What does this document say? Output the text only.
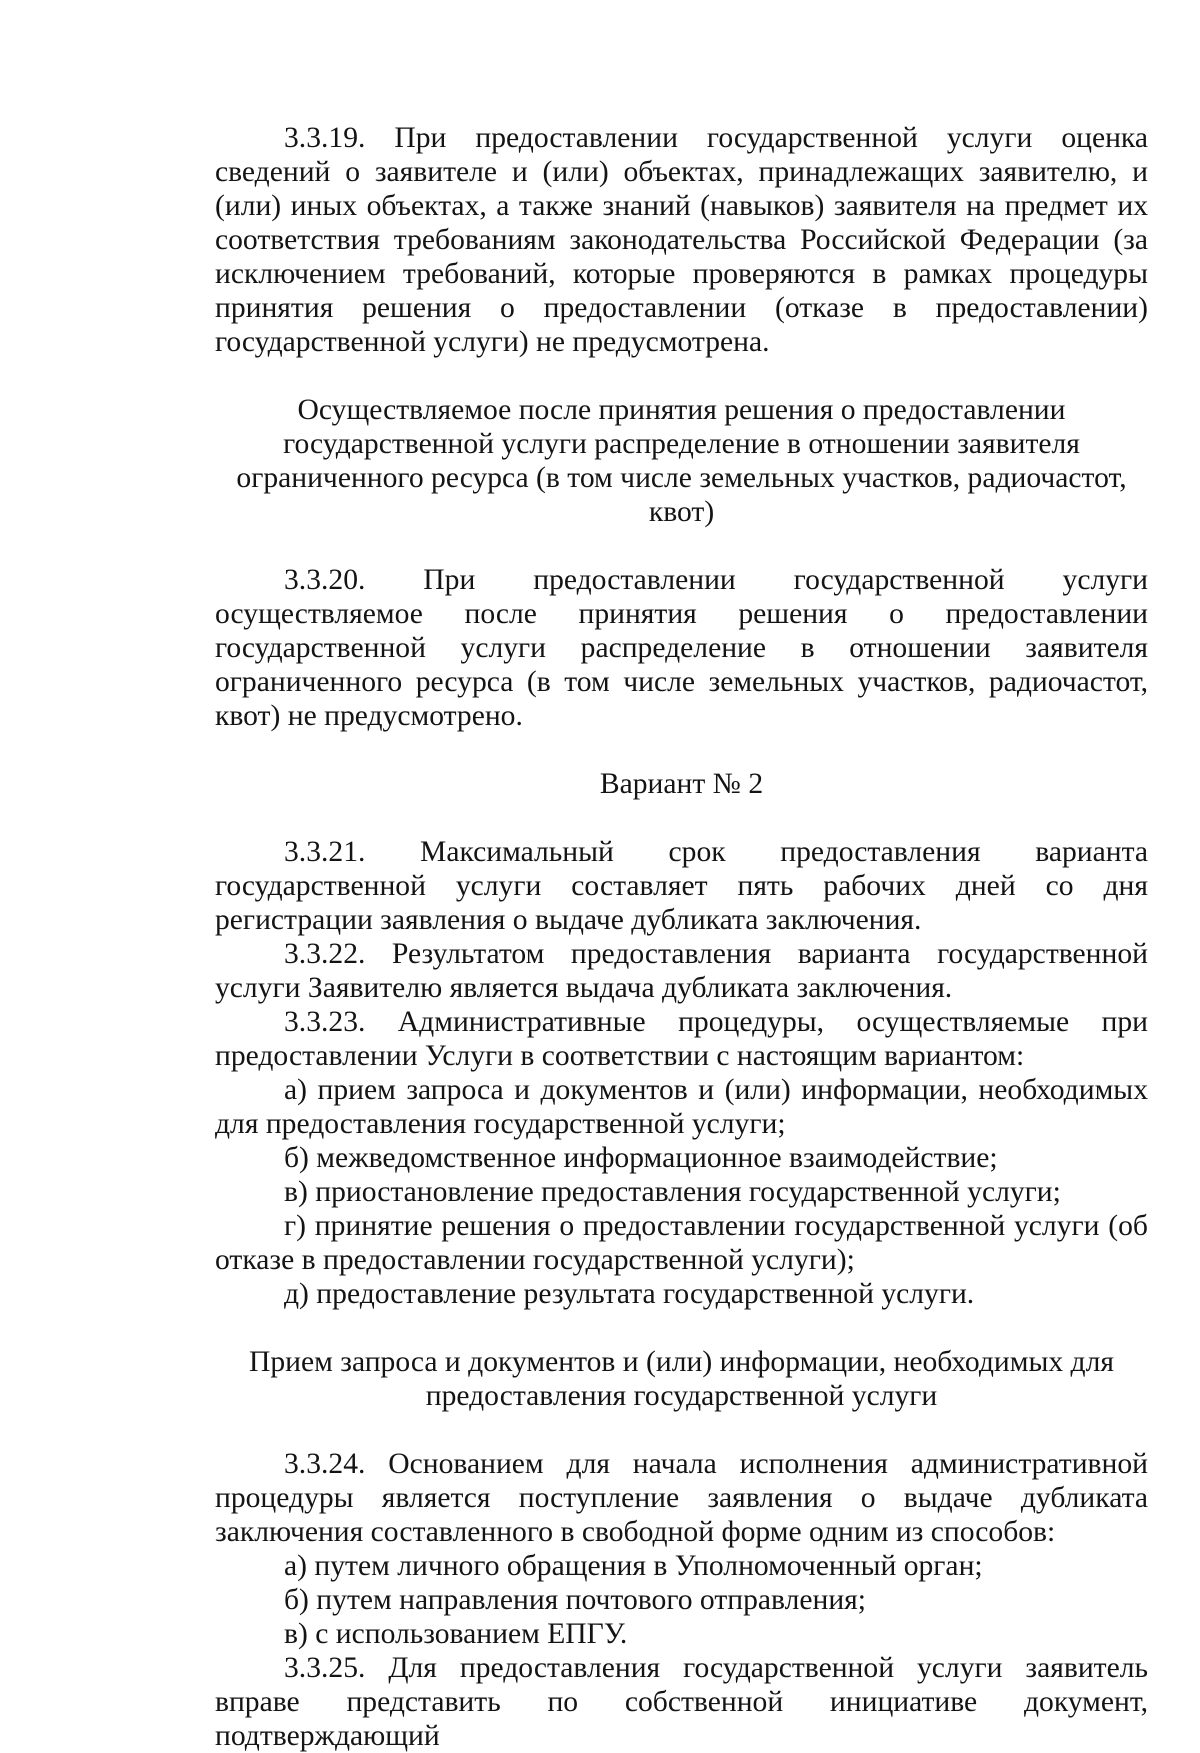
3.3.19. При предоставлении государственной услуги оценка сведений о заявителе и (или) объектах, принадлежащих заявителю, и (или) иных объектах, а также знаний (навыков) заявителя на предмет их соответствия требованиям законодательства Российской Федерации (за исключением требований, которые проверяются в рамках процедуры принятия решения о предоставлении (отказе в предоставлении) государственной услуги) не предусмотрена.

Осуществляемое после принятия решения о предоставлении государственной услуги распределение в отношении заявителя ограниченного ресурса (в том числе земельных участков, радиочастот, квот)

3.3.20. При предоставлении государственной услуги осуществляемое после принятия решения о предоставлении государственной услуги распределение в отношении заявителя ограниченного ресурса (в том числе земельных участков, радиочастот, квот) не предусмотрено.

Вариант № 2

3.3.21. Максимальный срок предоставления варианта государственной услуги составляет пять рабочих дней со дня регистрации заявления о выдаче дубликата заключения.

3.3.22. Результатом предоставления варианта государственной услуги Заявителю является выдача дубликата заключения.

3.3.23. Административные процедуры, осуществляемые при предоставлении Услуги в соответствии с настоящим вариантом:

а) прием запроса и документов и (или) информации, необходимых для предоставления государственной услуги;

б) межведомственное информационное взаимодействие;

в) приостановление предоставления государственной услуги;

г) принятие решения о предоставлении государственной услуги (об отказе в предоставлении государственной услуги);

д) предоставление результата государственной услуги.

Прием запроса и документов и (или) информации, необходимых для предоставления государственной услуги

3.3.24. Основанием для начала исполнения административной процедуры является поступление заявления о выдаче дубликата заключения составленного в свободной форме одним из способов:

а) путем личного обращения в Уполномоченный орган;

б) путем направления почтового отправления;

в) с использованием ЕПГУ.

3.3.25. Для предоставления государственной услуги заявитель вправе представить по собственной инициативе документ, подтверждающий
